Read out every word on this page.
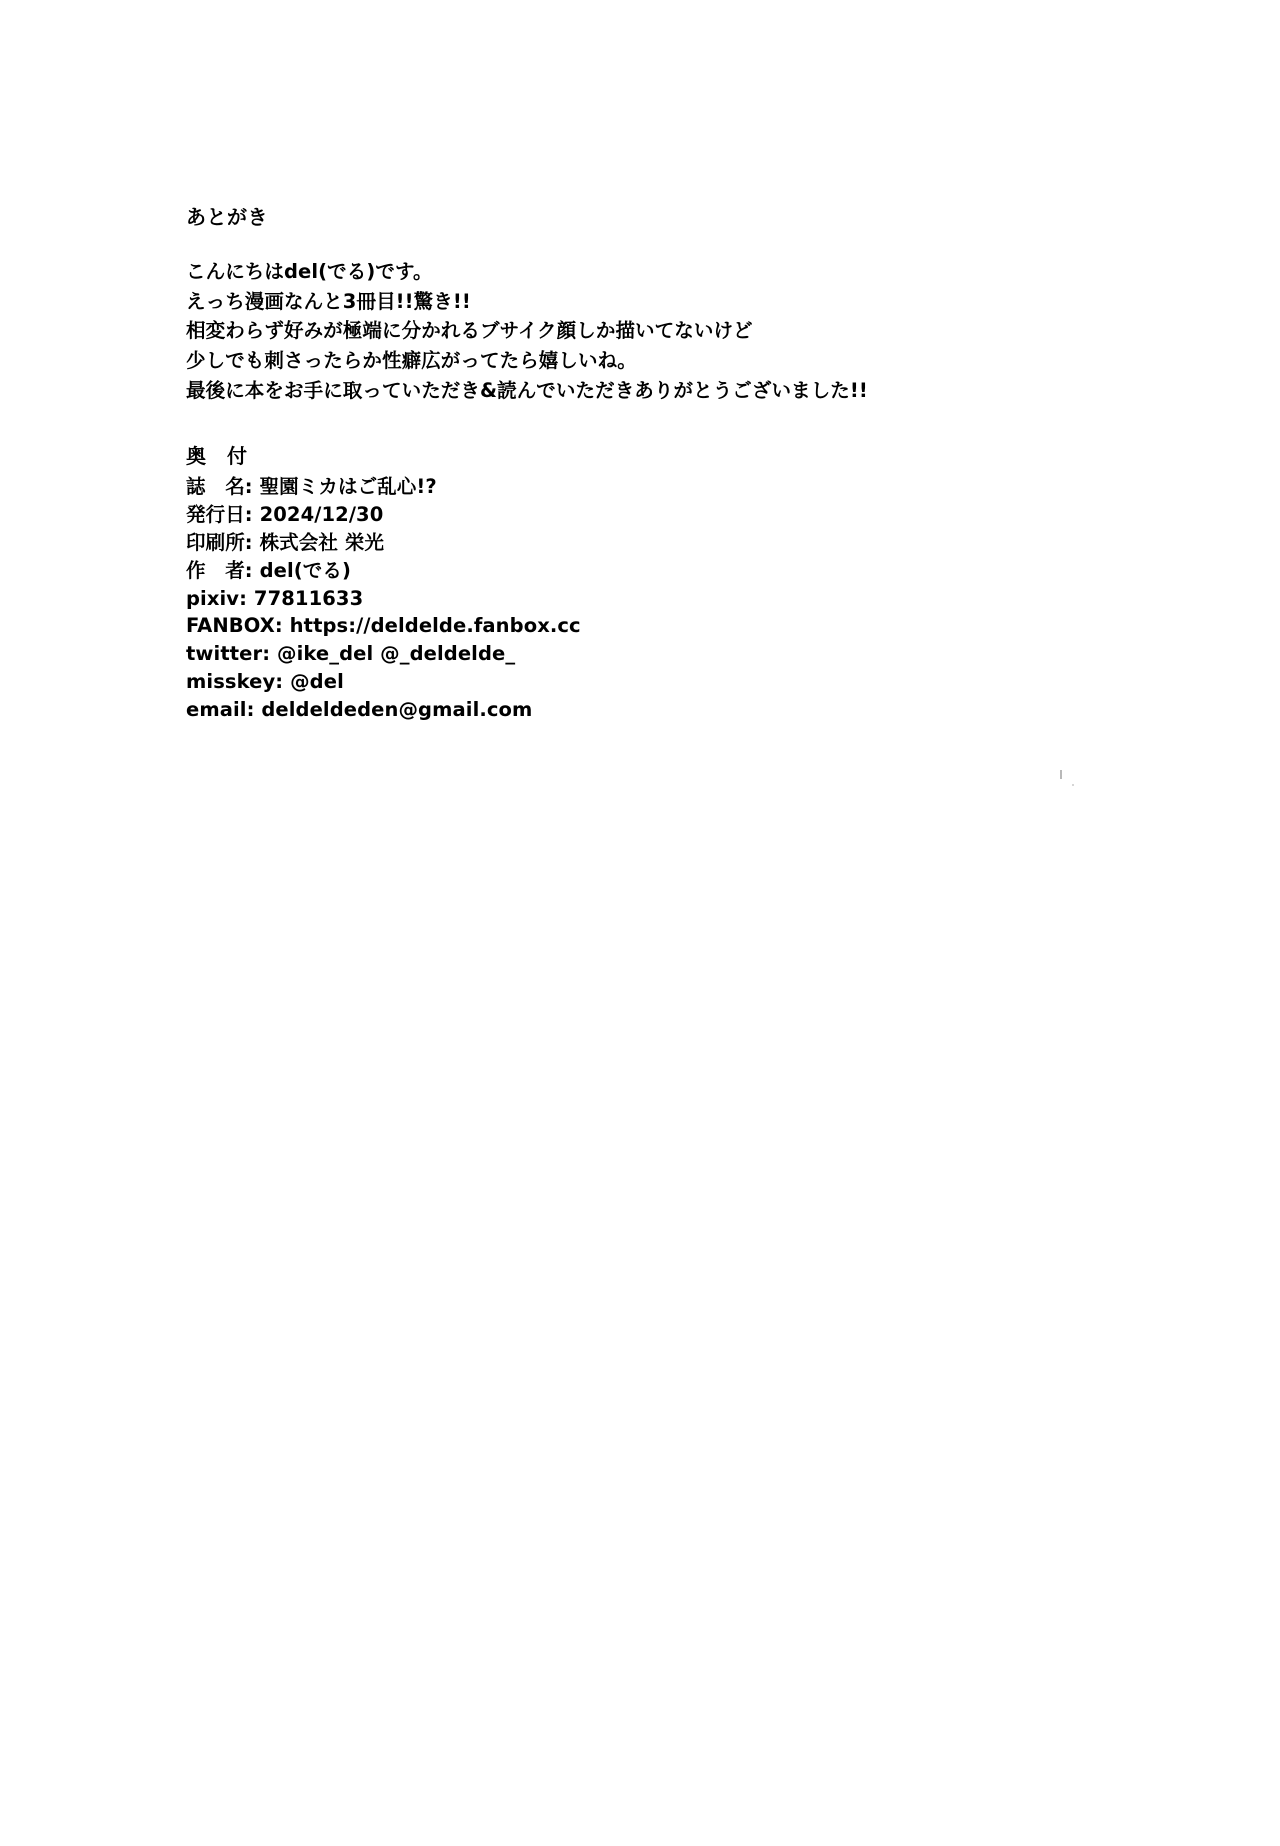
あとがき
こんにちはdel(でる)です。
えっち漫画なんと3冊目!!驚き!!
相変わらず好みが極端に分かれるブサイク顔しか描いてないけど
少しでも刺さったらか性癖広がってたら嬉しいね。
最後に本をお手に取っていただき&読んでいただきありがとうございました!!
奥　付
誌　名: 聖園ミカはご乱心!?
発行日: 2024/12/30
印刷所: 株式会社 栄光
作　者: del(でる)
pixiv: 77811633
FANBOX: https://deldelde.fanbox.cc
twitter: @ike_del @_deldelde_
misskey: @del
email: deldeldeden@gmail.com
